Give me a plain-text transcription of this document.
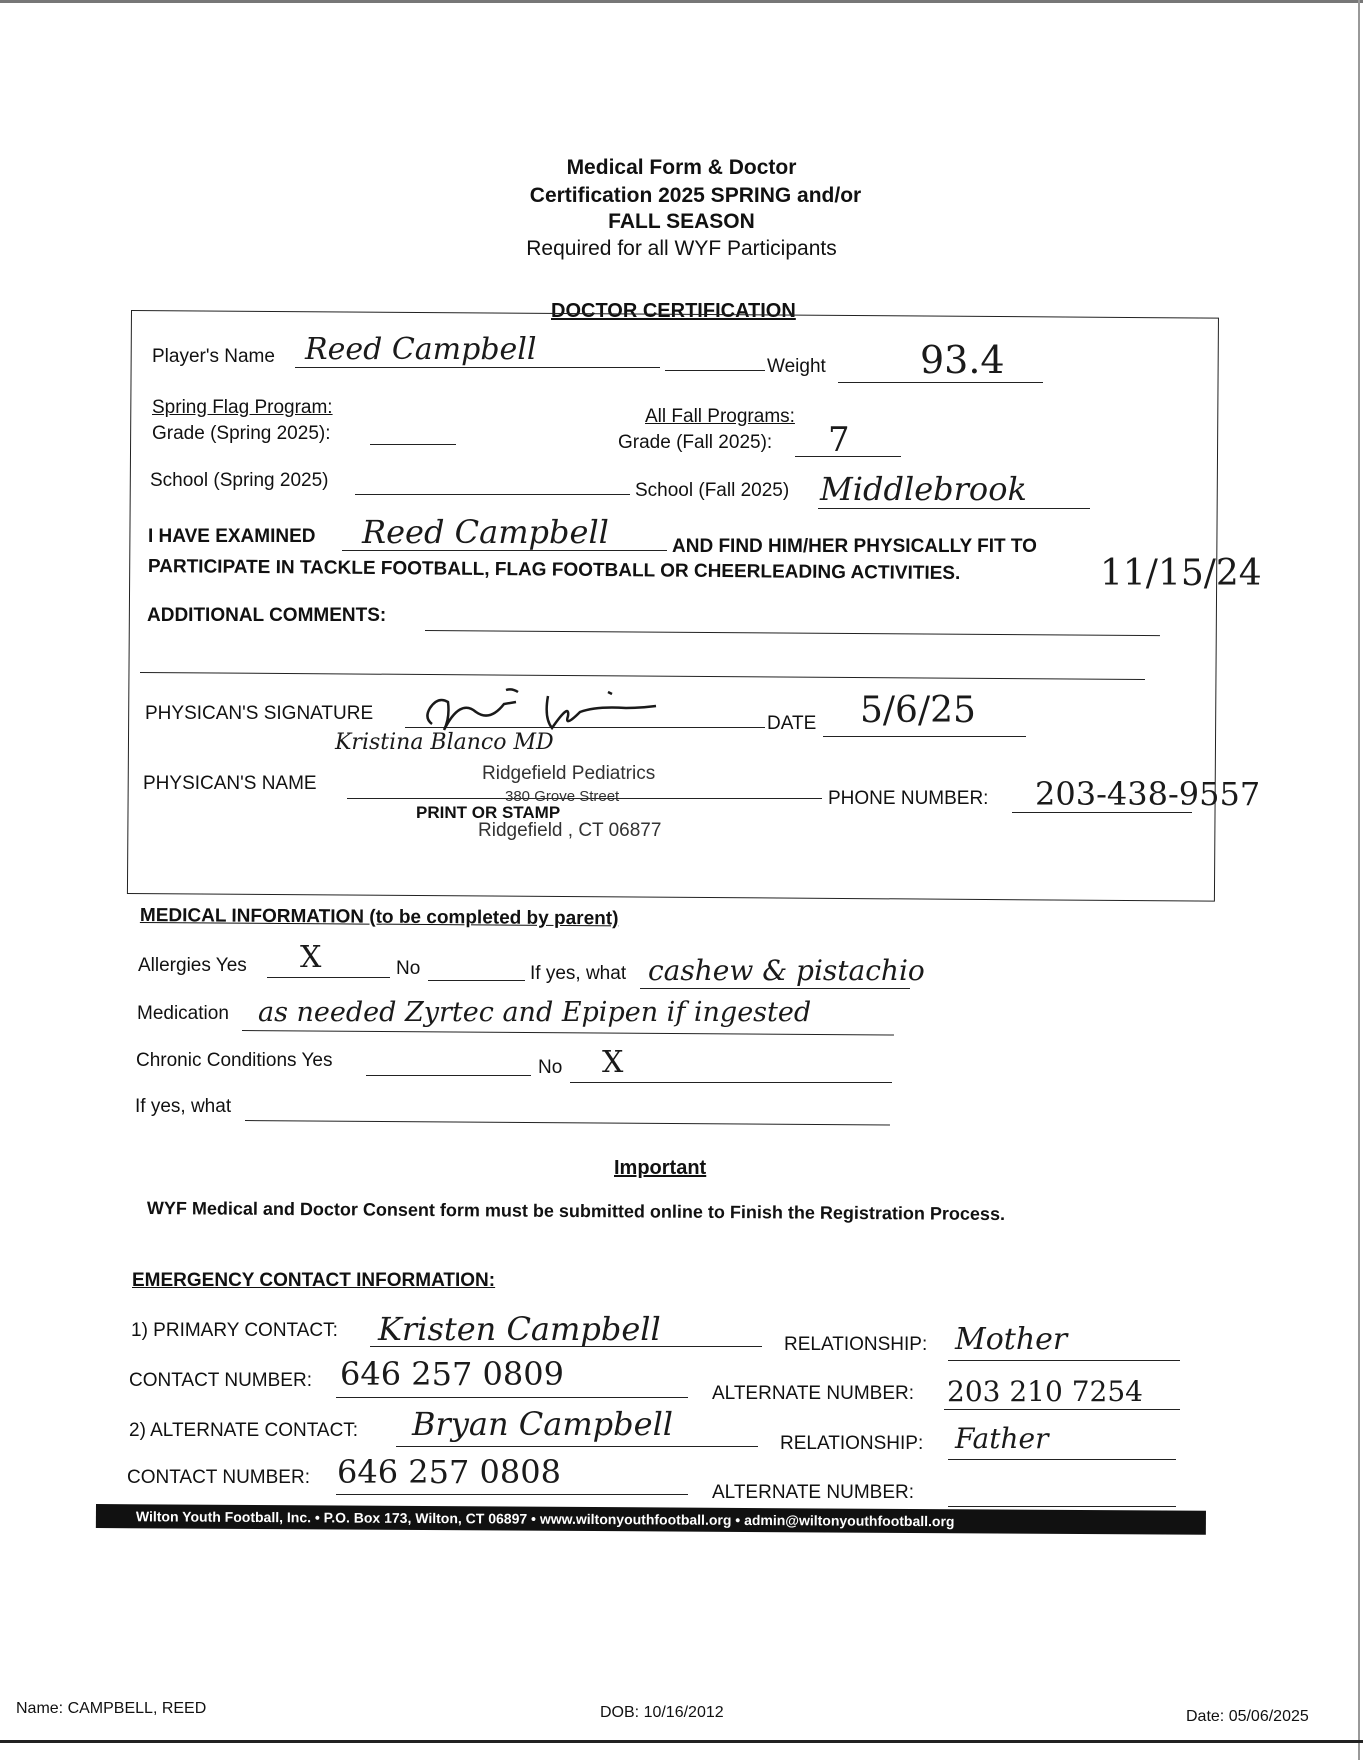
Medical Form & Doctor
Certification 2025 SPRING and/or
FALL SEASON
Required for all WYF Participants
DOCTOR CERTIFICATION
Player's Name Reed Campbell	Weight 93.4
Spring Flag Program:
Grade (Spring 2025):
All Fall Programs:
Grade (Fall 2025): 7
School (Spring 2025)	School (Fall 2025) Middlebrook
I HAVE EXAMINED Reed Campbell	AND FIND HIM/HER PHYSICALLY FIT TO
PARTICIPATE IN TACKLE FOOTBALL, FLAG FOOTBALL OR CHEERLEADING ACTIVITIES.	11/15/24
ADDITIONAL COMMENTS:
PHYSICAN'S SIGNATURE	DATE 5/6/25
Kristina Blanco MD
Ridgefield Pediatrics
PHYSICAN'S NAME
380 Grove Street
PRINT OR STAMP
Ridgefield , CT 06877
PHONE NUMBER: 203-438-9557
MEDICAL INFORMATION (to be completed by parent)
Allergies Yes X	No	If yes, what cashew & pistachio
Medication as needed Zyrtec and Epipen if ingested
Chronic Conditions Yes	No X
If yes, what
Important
WYF Medical and Doctor Consent form must be submitted online to Finish the Registration Process.
EMERGENCY CONTACT INFORMATION:
1) PRIMARY CONTACT: Kristen Campbell	RELATIONSHIP: Mother
CONTACT NUMBER: 646 257 0809
ALTERNATE NUMBER: 203 210 7254
2) ALTERNATE CONTACT: Bryan Campbell
RELATIONSHIP: Father
CONTACT NUMBER: 646 257 0808
ALTERNATE NUMBER:
Wilton Youth Football, Inc. • P.O. Box 173, Wilton, CT 06897 • www.wiltonyouthfootball.org • admin@wiltonyouthfootball.org
Name: CAMPBELL, REED	DOB: 10/16/2012	Date: 05/06/2025
